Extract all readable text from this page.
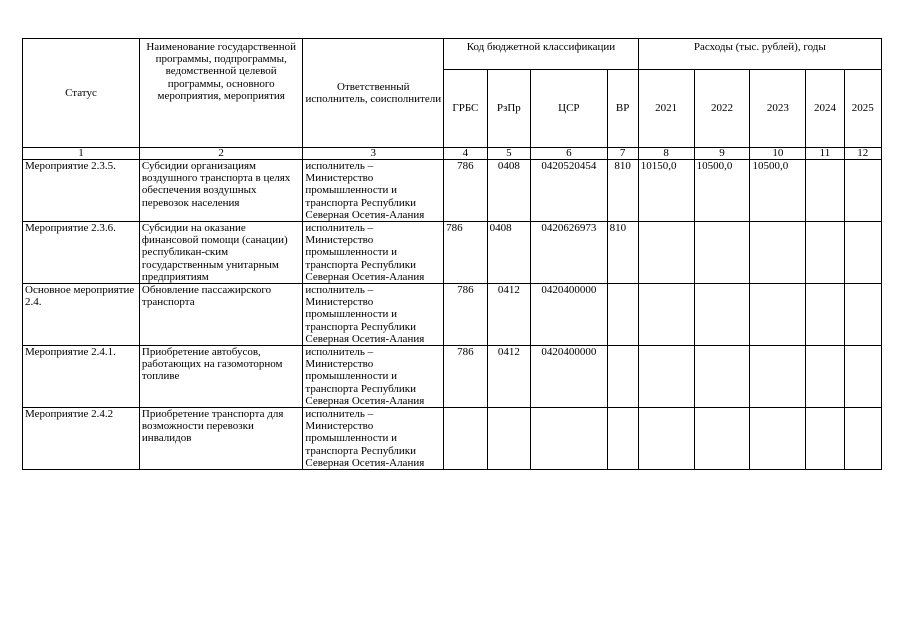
Статус	Наименование государственной программы, подпрограммы, ведомственной целевой программы, основного мероприятия, мероприятия	Ответственный исполнитель, соисполнители	Код бюджетной классификации				Расходы (тыс. рублей), годы				
			ГРБС	РзПр	ЦСР	ВР	2021	2022	2023	2024	2025
1	2	3	4	5	6	7	8	9	10	11	12
Мероприятие 2.3.5.	Субсидии организациям воздушного транспорта в целях обеспечения воздушных перевозок населения	исполнитель – Министерство промышленности и транспорта Республики Северная Осетия-Алания	786	0408	0420520454	810	10150,0	10500,0	10500,0		
Мероприятие 2.3.6.	Субсидии на оказание финансовой помощи (санации) республикан-ским государственным унитарным предприятиям	исполнитель – Министерство промышленности и транспорта Республики Северная Осетия-Алания	786	0408	0420626973	810					
Основное мероприятие 2.4.	Обновление пассажирского транспорта	исполнитель – Министерство промышленности и транспорта Республики Северная Осетия-Алания	786	0412	0420400000						
Мероприятие 2.4.1.	Приобретение автобусов, работающих на газомоторном топливе	исполнитель – Министерство промышленности и транспорта Республики Северная Осетия-Алания	786	0412	0420400000						
Мероприятие 2.4.2	Приобретение транспорта для возможности перевозки инвалидов	исполнитель – Министерство промышленности и транспорта Республики Северная Осетия-Алания									
